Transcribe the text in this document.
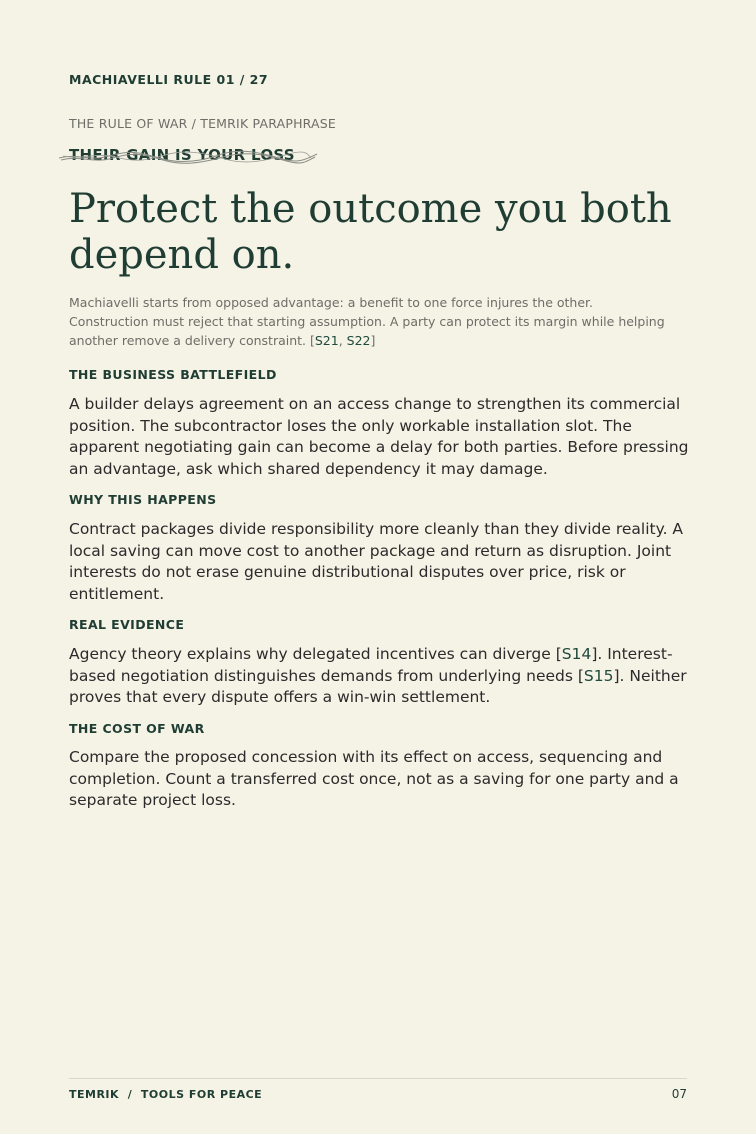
MACHIAVELLI RULE 01 / 27
THE RULE OF WAR / TEMRIK PARAPHRASE
THEIR GAIN IS YOUR LOSS
Protect the outcome you both depend on.

Machiavelli starts from opposed advantage: a benefit to one force injures the other. Construction must reject that starting assumption. A party can protect its margin while helping another remove a delivery constraint. [S21, S22]

THE BUSINESS BATTLEFIELD

A builder delays agreement on an access change to strengthen its commercial position. The subcontractor loses the only workable installation slot. The apparent negotiating gain can become a delay for both parties. Before pressing an advantage, ask which shared dependency it may damage.

WHY THIS HAPPENS

Contract packages divide responsibility more cleanly than they divide reality. A local saving can move cost to another package and return as disruption. Joint interests do not erase genuine distributional disputes over price, risk or entitlement.

REAL EVIDENCE

Agency theory explains why delegated incentives can diverge [S14]. Interest-based negotiation distinguishes demands from underlying needs [S15]. Neither proves that every dispute offers a win-win settlement.

THE COST OF WAR

Compare the proposed concession with its effect on access, sequencing and completion. Count a transferred cost once, not as a saving for one party and a separate project loss.

TEMRIK  /  TOOLS FOR PEACE	07
